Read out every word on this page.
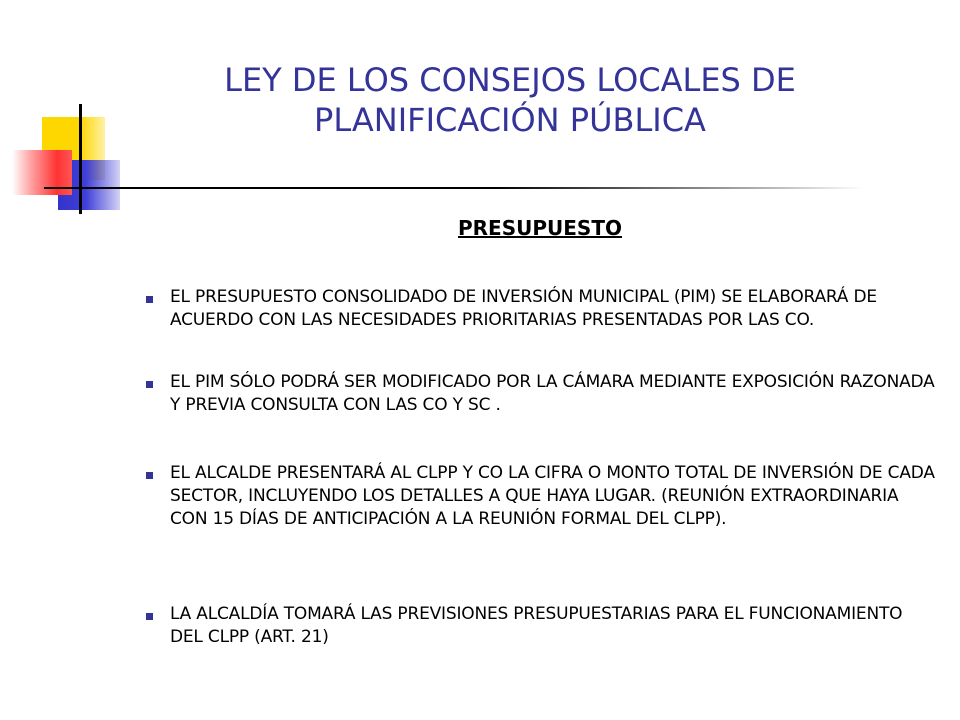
LEY DE LOS CONSEJOS LOCALES DE
PLANIFICACIÓN PÚBLICA
PRESUPUESTO
EL PRESUPUESTO CONSOLIDADO DE INVERSIÓN MUNICIPAL (PIM) SE ELABORARÁ DE ACUERDO CON LAS NECESIDADES PRIORITARIAS PRESENTADAS POR LAS CO.
EL PIM SÓLO PODRÁ SER MODIFICADO POR LA CÁMARA MEDIANTE EXPOSICIÓN RAZONADA Y PREVIA CONSULTA CON LAS CO Y SC .
EL ALCALDE PRESENTARÁ AL CLPP Y CO LA CIFRA O MONTO TOTAL DE INVERSIÓN DE CADA SECTOR, INCLUYENDO LOS DETALLES A QUE HAYA LUGAR. (REUNIÓN EXTRAORDINARIA CON 15 DÍAS DE ANTICIPACIÓN A LA REUNIÓN FORMAL DEL CLPP).
LA ALCALDÍA TOMARÁ LAS PREVISIONES PRESUPUESTARIAS PARA EL FUNCIONAMIENTO DEL CLPP (ART. 21)
